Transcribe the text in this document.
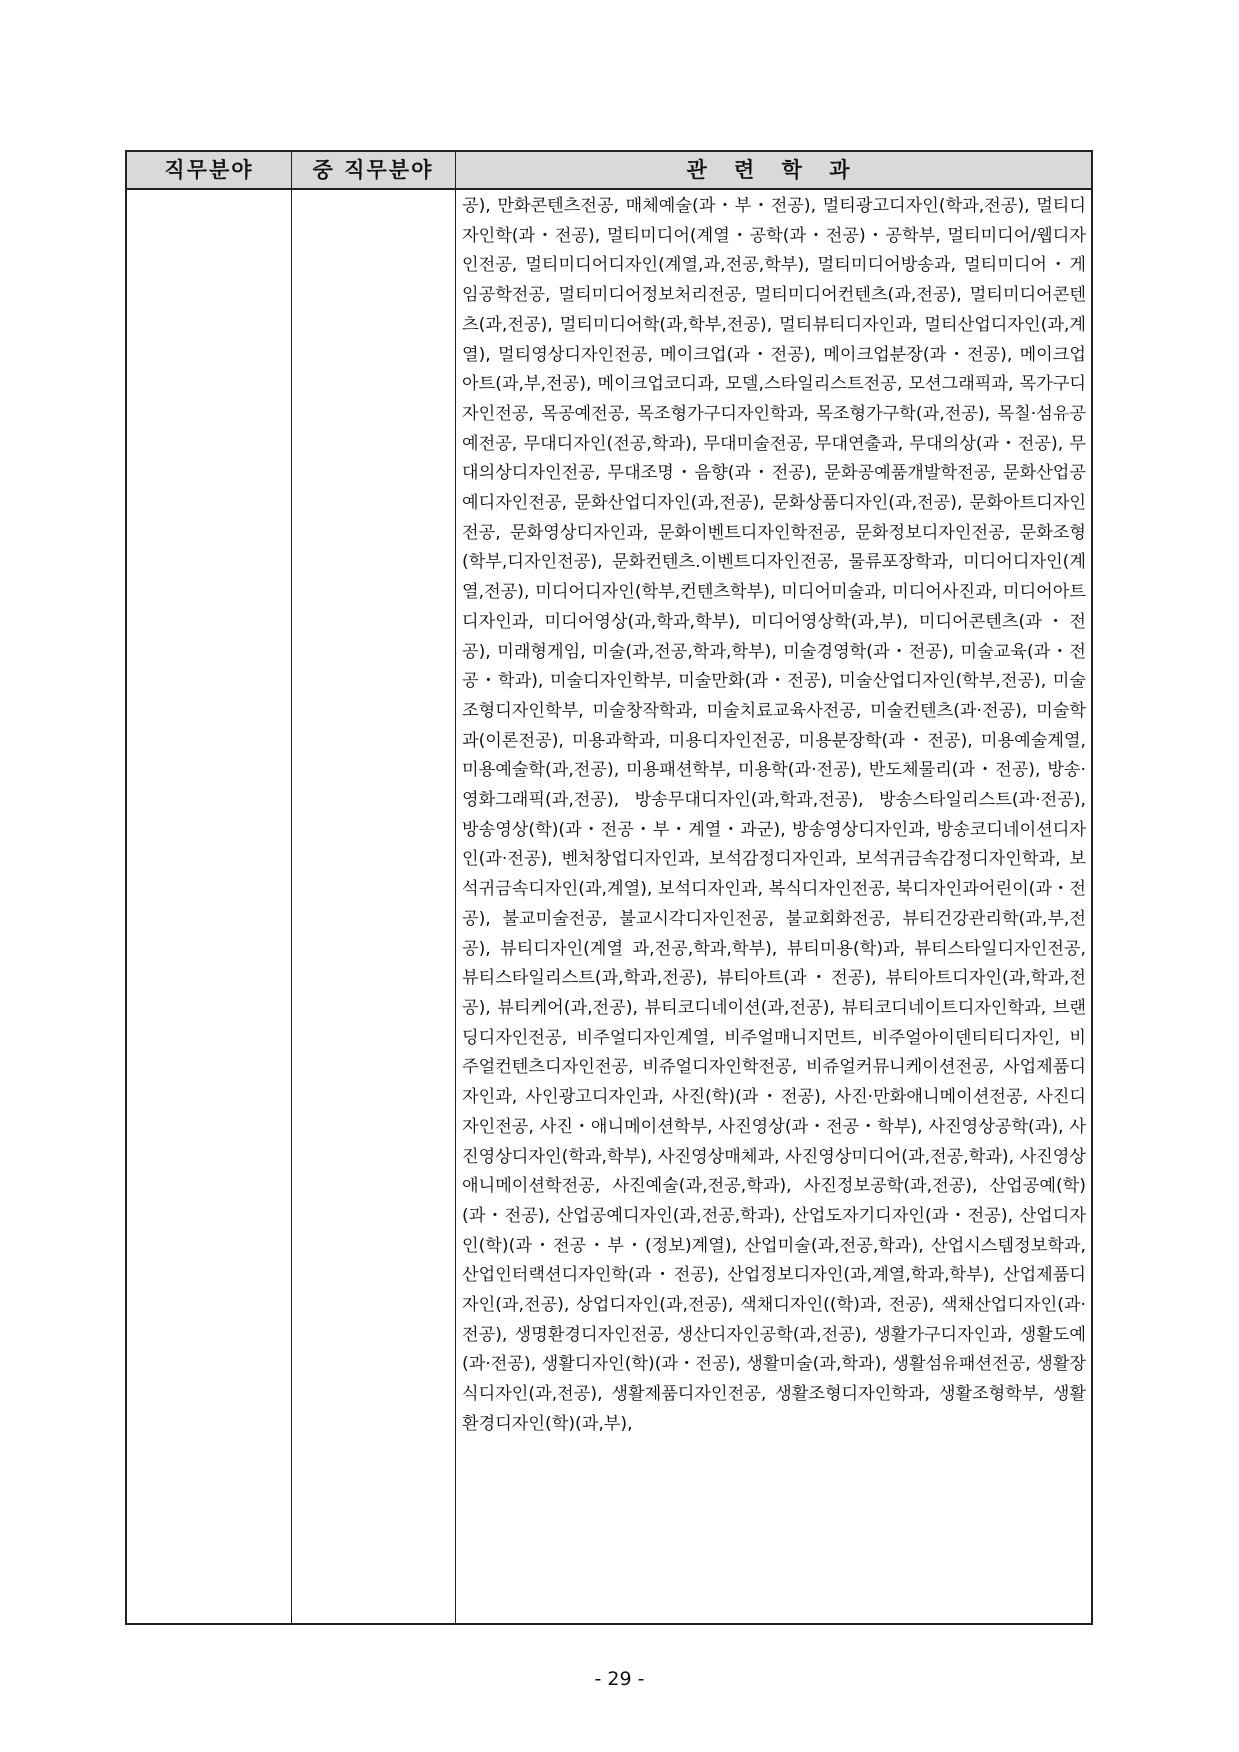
직무분야	중 직무분야	관 련 학 과
공), 만화콘텐츠전공, 매체예술(과・부・전공), 멀티광고디자인(학과,전공), 멀티디자인학(과・전공), 멀티미디어(계열・공학(과・전공)・공학부, 멀티미디어/웹디자인전공, 멀티미디어디자인(계열,과,전공,학부), 멀티미디어방송과, 멀티미디어・게임공학전공, 멀티미디어정보처리전공, 멀티미디어컨텐츠(과,전공), 멀티미디어콘텐츠(과,전공), 멀티미디어학(과,학부,전공), 멀티뷰티디자인과, 멀티산업디자인(과,계열), 멀티영상디자인전공, 메이크업(과・전공), 메이크업분장(과・전공), 메이크업아트(과,부,전공), 메이크업코디과, 모델,스타일리스트전공, 모션그래픽과, 목가구디자인전공, 목공예전공, 목조형가구디자인학과, 목조형가구학(과,전공), 목칠·섬유공예전공, 무대디자인(전공,학과), 무대미술전공, 무대연출과, 무대의상(과・전공), 무대의상디자인전공, 무대조명・음향(과・전공), 문화공예품개발학전공, 문화산업공예디자인전공, 문화산업디자인(과,전공), 문화상품디자인(과,전공), 문화아트디자인전공, 문화영상디자인과, 문화이벤트디자인학전공, 문화정보디자인전공, 문화조형(학부,디자인전공), 문화컨텐츠.이벤트디자인전공, 물류포장학과, 미디어디자인(계열,전공), 미디어디자인(학부,컨텐츠학부), 미디어미술과, 미디어사진과, 미디어아트디자인과, 미디어영상(과,학과,학부), 미디어영상학(과,부), 미디어콘텐츠(과・전공), 미래형게임, 미술(과,전공,학과,학부), 미술경영학(과・전공), 미술교육(과・전공・학과), 미술디자인학부, 미술만화(과・전공), 미술산업디자인(학부,전공), 미술조형디자인학부, 미술창작학과, 미술치료교육사전공, 미술컨텐츠(과·전공), 미술학과(이론전공), 미용과학과, 미용디자인전공, 미용분장학(과・전공), 미용예술계열, 미용예술학(과,전공), 미용패션학부, 미용학(과·전공), 반도체물리(과・전공), 방송·영화그래픽(과,전공), 방송무대디자인(과,학과,전공), 방송스타일리스트(과·전공), 방송영상(학)(과・전공・부・계열・과군), 방송영상디자인과, 방송코디네이션디자인(과·전공), 벤처창업디자인과, 보석감정디자인과, 보석귀금속감정디자인학과, 보석귀금속디자인(과,계열), 보석디자인과, 복식디자인전공, 북디자인과어린이(과・전공), 불교미술전공, 불교시각디자인전공, 불교회화전공, 뷰티건강관리학(과,부,전공), 뷰티디자인(계열 과,전공,학과,학부), 뷰티미용(학)과, 뷰티스타일디자인전공, 뷰티스타일리스트(과,학과,전공), 뷰티아트(과・전공), 뷰티아트디자인(과,학과,전공), 뷰티케어(과,전공), 뷰티코디네이션(과,전공), 뷰티코디네이트디자인학과, 브랜딩디자인전공, 비주얼디자인계열, 비주얼매니지먼트, 비주얼아이덴티티디자인, 비주얼컨텐츠디자인전공, 비쥬얼디자인학전공, 비쥬얼커뮤니케이션전공, 사업제품디자인과, 사인광고디자인과, 사진(학)(과・전공), 사진·만화애니메이션전공, 사진디자인전공, 사진・애니메이션학부, 사진영상(과・전공・학부), 사진영상공학(과), 사진영상디자인(학과,학부), 사진영상매체과, 사진영상미디어(과,전공,학과), 사진영상애니메이션학전공, 사진예술(과,전공,학과), 사진정보공학(과,전공), 산업공예(학)(과・전공), 산업공예디자인(과,전공,학과), 산업도자기디자인(과・전공), 산업디자인(학)(과・전공・부・(정보)계열), 산업미술(과,전공,학과), 산업시스템정보학과, 산업인터랙션디자인학(과・전공), 산업정보디자인(과,계열,학과,학부), 산업제품디자인(과,전공), 상업디자인(과,전공), 색채디자인((학)과, 전공), 색채산업디자인(과·전공), 생명환경디자인전공, 생산디자인공학(과,전공), 생활가구디자인과, 생활도예(과·전공), 생활디자인(학)(과・전공), 생활미술(과,학과), 생활섬유패션전공, 생활장식디자인(과,전공), 생활제품디자인전공, 생활조형디자인학과, 생활조형학부, 생활환경디자인(학)(과,부),
- 29 -
